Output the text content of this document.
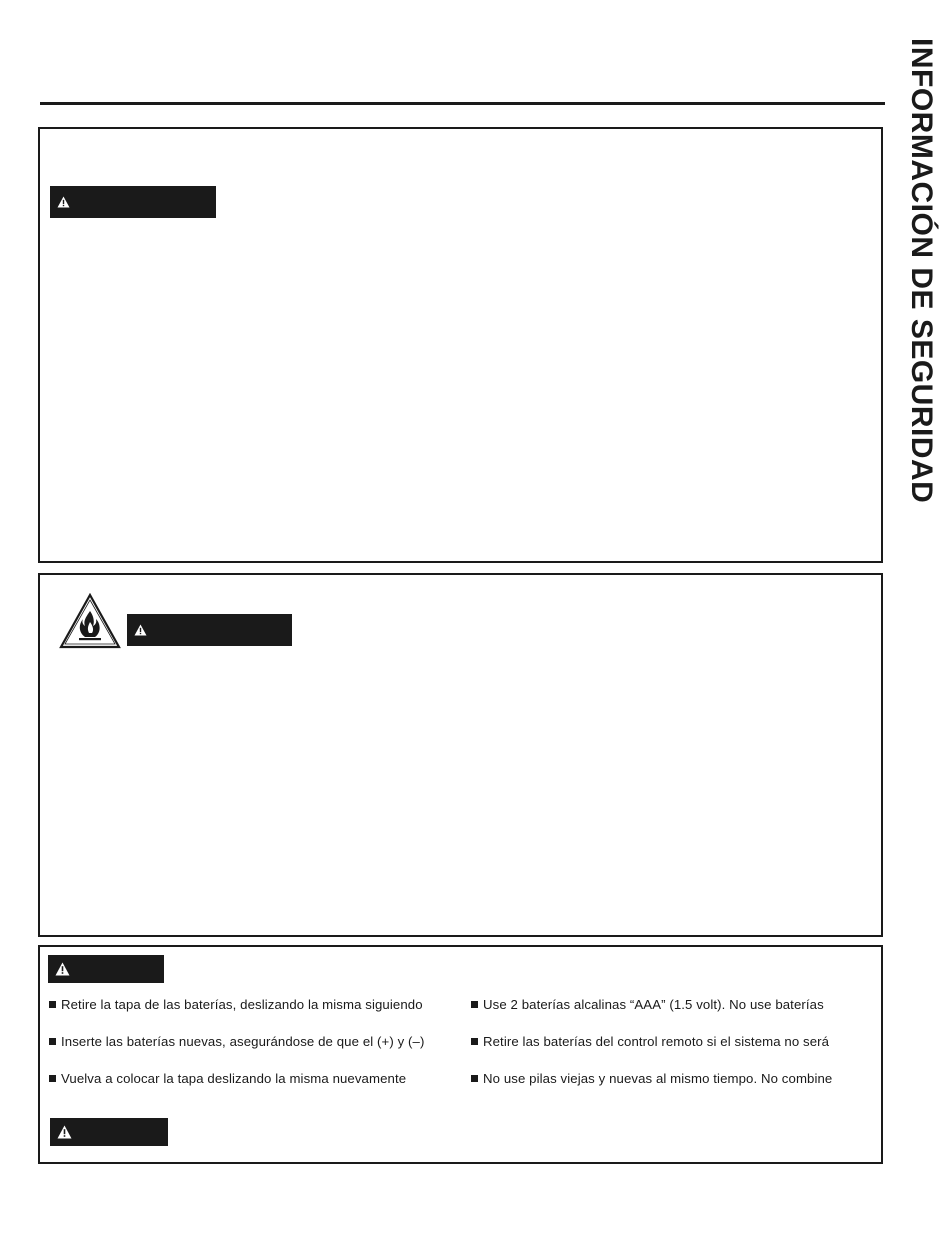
INFORMACIÓN DE SEGURIDAD
Retire la tapa de las baterías, deslizando la misma siguiendo
Inserte las baterías nuevas, asegurándose de que el (+) y (–)
Vuelva a colocar la tapa deslizando la misma nuevamente
Use 2 baterías alcalinas “AAA” (1.5 volt). No use baterías
Retire las baterías del control remoto si el sistema no será
No use pilas viejas y nuevas al mismo tiempo. No combine
